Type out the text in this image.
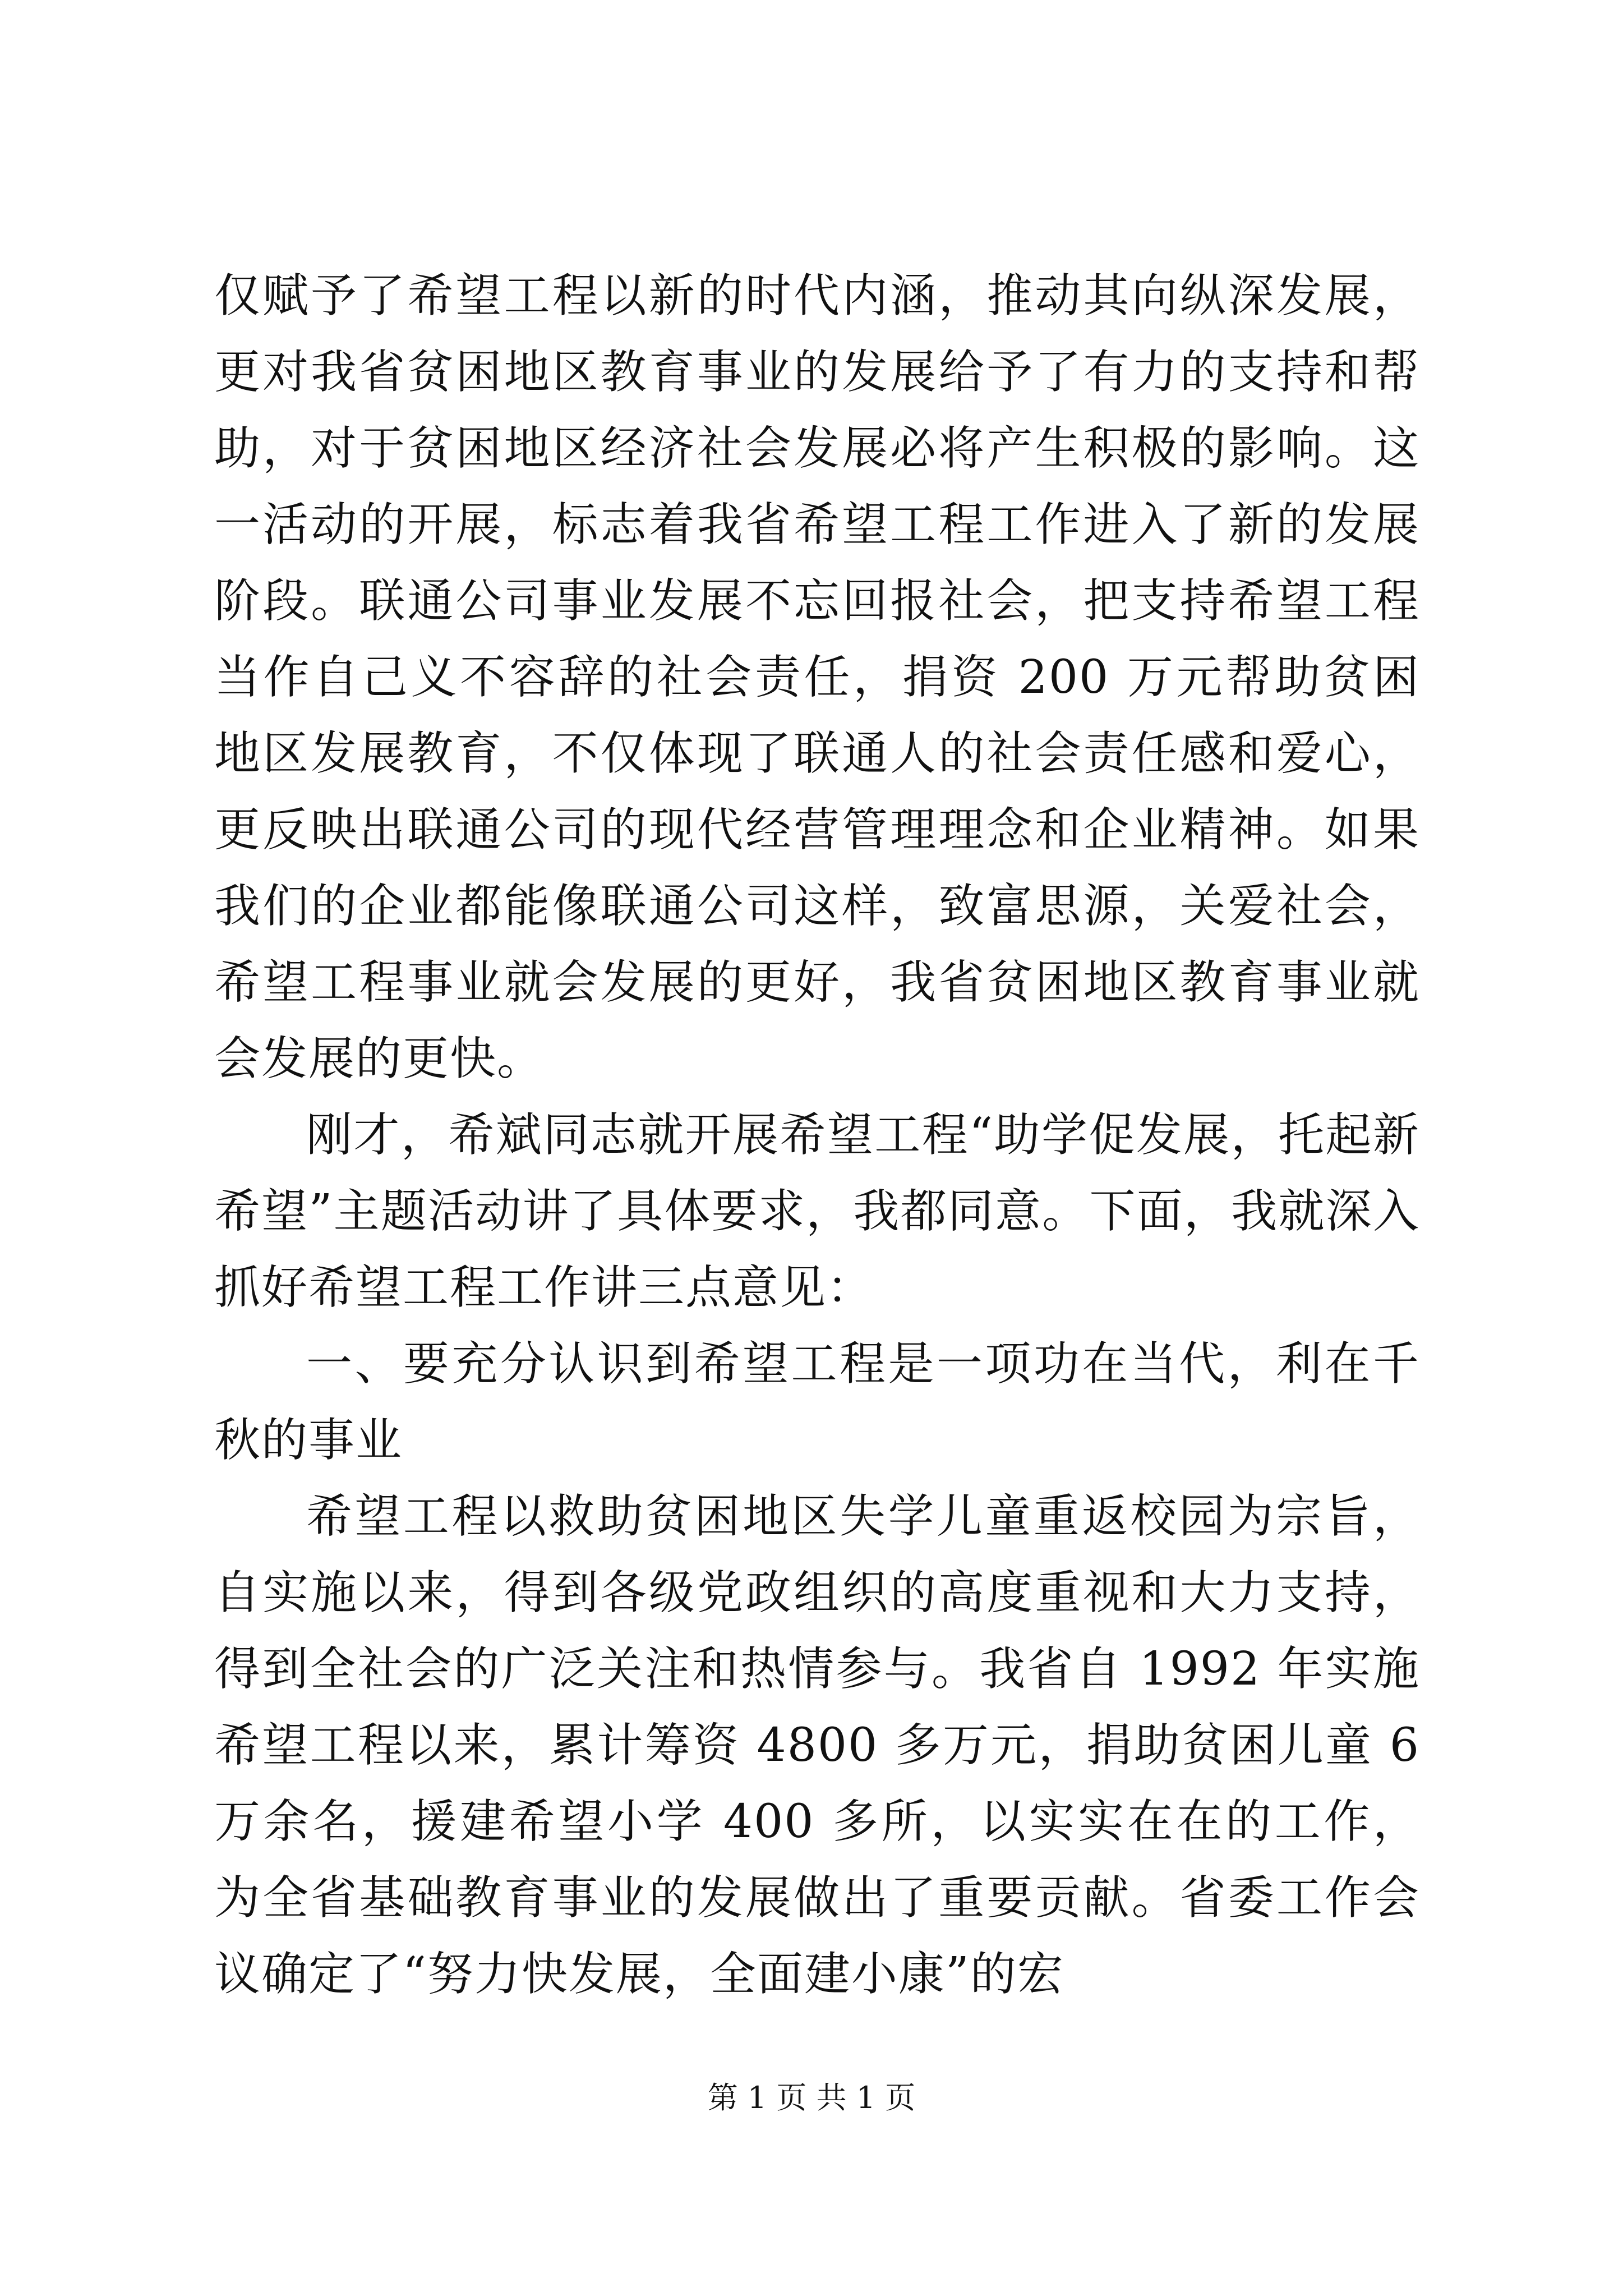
仅赋予了希望工程以新的时代内涵，推动其向纵深发展，更对我省贫困地区教育事业的发展给予了有力的支持和帮助，对于贫困地区经济社会发展必将产生积极的影响。这一活动的开展，标志着我省希望工程工作进入了新的发展阶段。联通公司事业发展不忘回报社会，把支持希望工程当作自己义不容辞的社会责任，捐资 200 万元帮助贫困地区发展教育，不仅体现了联通人的社会责任感和爱心，更反映出联通公司的现代经营管理理念和企业精神。如果我们的企业都能像联通公司这样，致富思源，关爱社会，希望工程事业就会发展的更好，我省贫困地区教育事业就会发展的更快。

刚才，希斌同志就开展希望工程“助学促发展，托起新希望”主题活动讲了具体要求，我都同意。下面，我就深入抓好希望工程工作讲三点意见：

一、要充分认识到希望工程是一项功在当代，利在千秋的事业

希望工程以救助贫困地区失学儿童重返校园为宗旨，自实施以来，得到各级党政组织的高度重视和大力支持，得到全社会的广泛关注和热情参与。我省自 1992 年实施希望工程以来，累计筹资 4800 多万元，捐助贫困儿童 6 万余名，援建希望小学 400 多所，以实实在在的工作，为全省基础教育事业的发展做出了重要贡献。省委工作会议确定了“努力快发展，全面建小康”的宏

第 1 页 共 1 页
